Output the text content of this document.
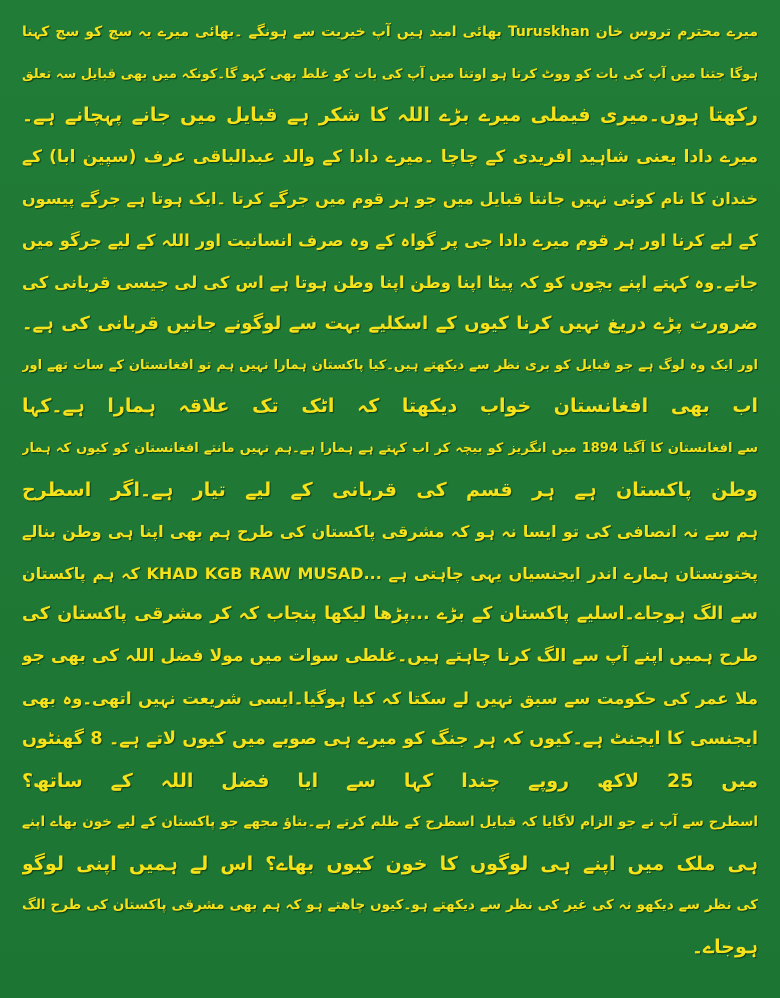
میرے محترم تروس خان Turuskhan بھائی امید ہیں آپ خیریت سے ہونگے ۔بھائی میرے یہ سچ کو سچ کہنا
ہوگا جتنا میں آپ کی بات کو ووٹ کرتا ہو اوتنا میں آپ کی بات کو غلط بھی کہو گا۔کونکہ میں بھی قبایل سہ تعلق
رکھتا ہوں۔میری فیملی میرے بڑے اللہ کا شکر ہے قبایل میں جانے پہچانے ہے۔
میرے دادا یعنی شاہید افریدی کے چاچا ۔میرے دادا کے والد عبدالباقی عرف (سپین ابا) کے
خندان کا نام کوئی نہیں جانتا قبایل میں جو ہر قوم میں جرگے کرتا ۔ایک ہوتا ہے جرگے پیسوں
کے لیے کرنا اور ہر قوم میرے دادا جی پر گواہ کے وہ صرف انسانیت اور اللہ کے لیے جرگو میں
جاتے۔وہ کہتے اپنے بچوں کو کہ پیٹا اپنا وطن اپنا وطن ہوتا ہے اس کی لی جیسی قربانی کی
ضرورت پڑے دریغ نہیں کرنا کیوں کے اسکلیے بہت سے لوگونے جانیں قربانی کی ہے۔
اور ایک وہ لوگ ہے جو قبایل کو بری نظر سے دیکھتے ہیں۔کیا پاکستان ہمارا نہیں ہم تو افغانستان کے سات تھے اور
اب بھی افغانستان خواب دیکھتا کہ اٹک تک علاقہ ہمارا ہے۔کہا
سے افغانستان کا آگیا 1894 میں انگریز کو بیچہ کر اب کہتے ہے ہمارا ہے۔ہم نہیں مانتے افغانستان کو کیوں کہ ہمار
وطن پاکستان ہے ہر قسم کی قربانی کے لیے تیار ہے۔اگر اسطرح
ہم سے نہ انصافی کی تو ایسا نہ ہو کہ مشرقی پاکستان کی طرح ہم بھی اپنا ہی وطن بنالے
پختونستان ہمارے اندر ایجنسیاں یہی چاہتی ہے ...KHAD KGB RAW MUSAD کہ ہم پاکستان
سے الگ ہوجاے۔اسلیے پاکستان کے بڑے ...پڑھا لیکھا پنجاب کہ کر مشرقی پاکستان کی
طرح ہمیں اپنے آپ سے الگ کرنا چاہتے ہیں۔غلطی سوات میں مولا فضل اللہ کی بھی جو
ملا عمر کی حکومت سے سبق نہیں لے سکتا کہ کیا ہوگیا۔ایسی شریعت نہیں اتھی۔وہ بھی
ایجنسی کا ایجنٹ ہے۔کیوں کہ ہر جنگ کو میرے ہی صوبے میں کیوں لاتے ہے۔ 8 گھنٹوں
میں 25 لاکھ روپے چندا کہا سے ایا فضل اللہ کے ساتھ؟
اسطرح سے آپ نے جو الزام لاگایا کہ قبایل اسطرح کے ظلم کرتے ہے۔بتاؤ مجھے جو پاکستان کے لیے خون بھاے اپنے
ہی ملک میں اپنے ہی لوگوں کا خون کیوں بھاے؟ اس لے ہمیں اپنی لوگو
کی نظر سے دیکھو نہ کی غیر کی نظر سے دیکھتے ہو۔کیوں چاھتے ہو کہ ہم بھی مشرقی پاکستان کی طرح الگ
ہوجاے۔
